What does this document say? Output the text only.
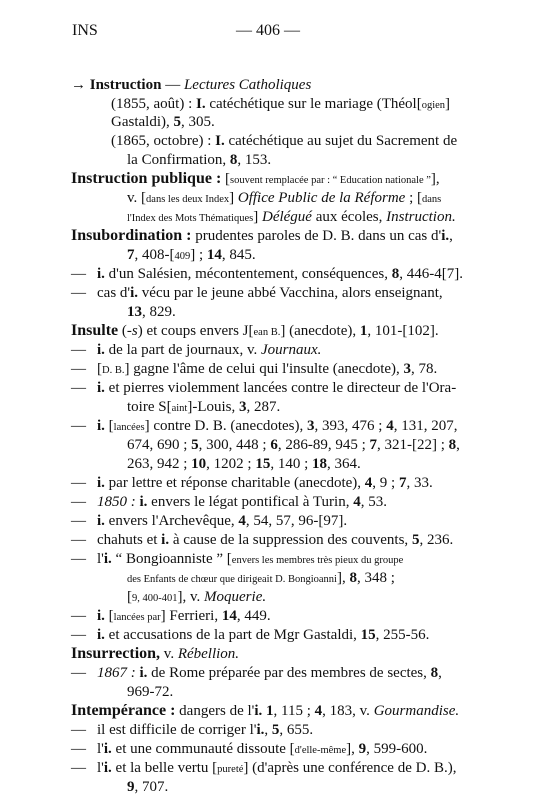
INS	— 406 —
→ Instruction — Lectures Catholiques
(1855, août) : I. catéchétique sur le mariage (Théol[ogien]
Gastaldi), 5, 305.
(1865, octobre) : I. catéchétique au sujet du Sacrement de
la Confirmation, 8, 153.
Instruction publique : [souvent remplacée par : “ Education nationale ”],
v. [dans les deux Index] Office Public de la Réforme ; [dans
l'Index des Mots Thématiques] Délégué aux écoles, Instruction.
Insubordination : prudentes paroles de D. B. dans un cas d'i.,
7, 408-[409] ; 14, 845.
— i. d'un Salésien, mécontentement, conséquences, 8, 446-4[7].
— cas d'i. vécu par le jeune abbé Vacchina, alors enseignant,
13, 829.
Insulte (-s) et coups envers J[ean B.] (anecdote), 1, 101-[102].
— i. de la part de journaux, v. Journaux.
— [D. B.] gagne l'âme de celui qui l'insulte (anecdote), 3, 78.
— i. et pierres violemment lancées contre le directeur de l'Ora-
toire S[aint]-Louis, 3, 287.
— i. [lancées] contre D. B. (anecdotes), 3, 393, 476 ; 4, 131, 207,
674, 690 ; 5, 300, 448 ; 6, 286-89, 945 ; 7, 321-[22] ; 8,
263, 942 ; 10, 1202 ; 15, 140 ; 18, 364.
— i. par lettre et réponse charitable (anecdote), 4, 9 ; 7, 33.
— 1850 : i. envers le légat pontifical à Turin, 4, 53.
— i. envers l'Archevêque, 4, 54, 57, 96-[97].
— chahuts et i. à cause de la suppression des couvents, 5, 236.
— l'i. “ Bongioanniste ” [envers les membres très pieux du groupe
des Enfants de chœur que dirigeait D. Bongioanni], 8, 348 ;
[9, 400-401], v. Moquerie.
— i. [lancées par] Ferrieri, 14, 449.
— i. et accusations de la part de Mgr Gastaldi, 15, 255-56.
Insurrection, v. Rébellion.
— 1867 : i. de Rome préparée par des membres de sectes, 8,
969-72.
Intempérance : dangers de l'i. 1, 115 ; 4, 183, v. Gourmandise.
— il est difficile de corriger l'i., 5, 655.
— l'i. et une communauté dissoute [d'elle-même], 9, 599-600.
— l'i. et la belle vertu [pureté] (d'après une conférence de D. B.),
9, 707.
